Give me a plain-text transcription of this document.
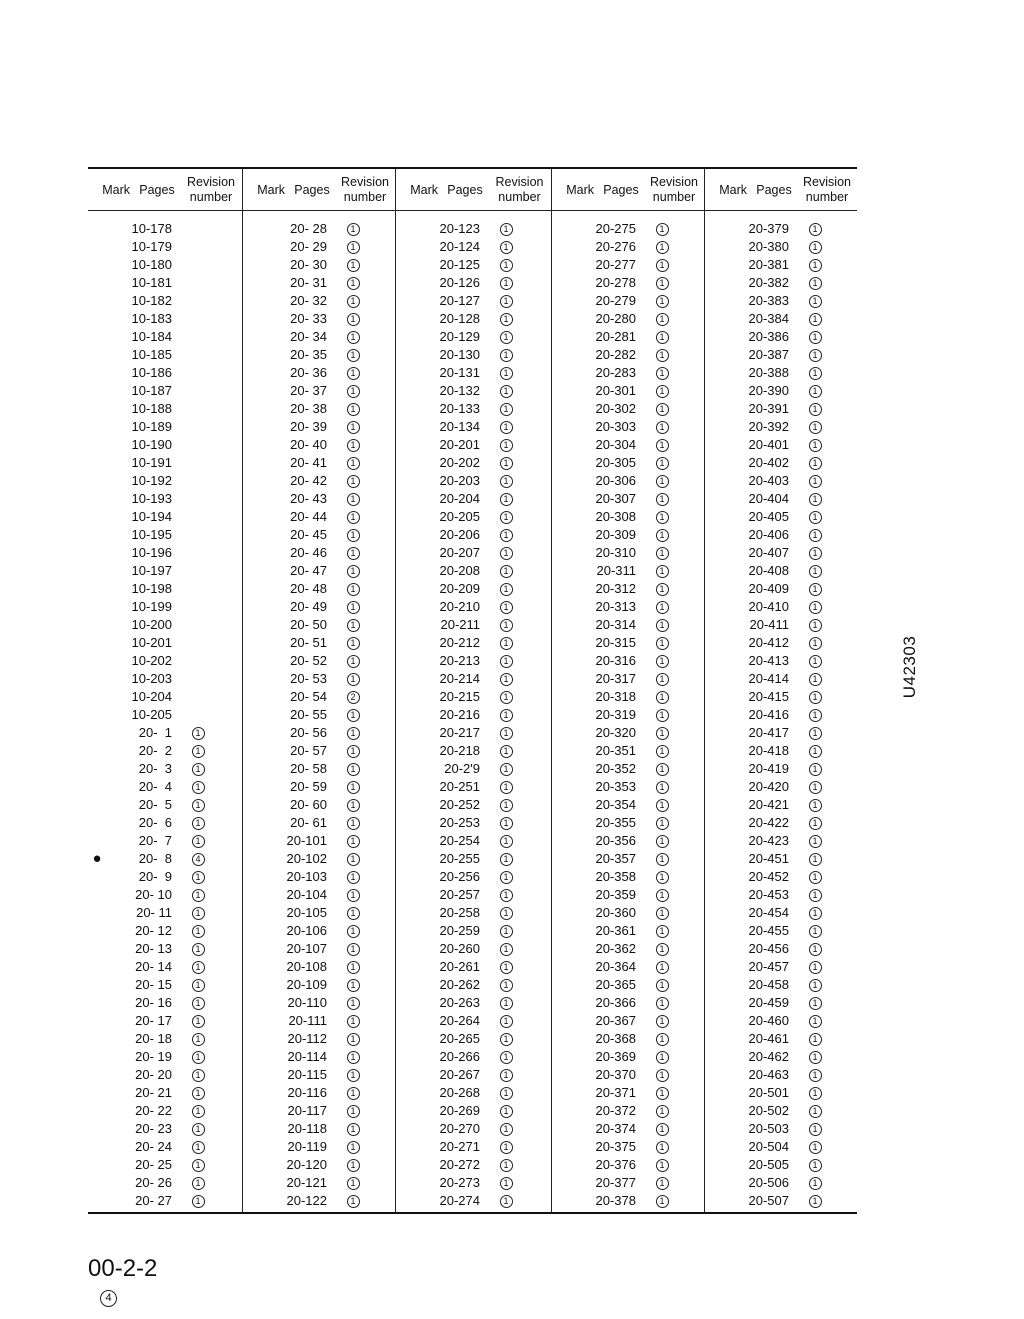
Mark Pages
Revision
number
10-178
10-179
10-180
10-181
10-182
10-183
10-184
10-185
10-186
10-187
10-188
10-189
10-190
10-191
10-192
10-193
10-194
10-195
10-196
10-197
10-198
10-199
10-200
10-201
10-202
10-203
10-204
10-205
20-  1	1
20-  2	1
20-  3	1
20-  4	1
20-  5	1
20-  6	1
20-  7	1
●	20-  8	4
20-  9	1
20- 10	1
20- 11	1
20- 12	1
20- 13	1
20- 14	1
20- 15	1
20- 16	1
20- 17	1
20- 18	1
20- 19	1
20- 20	1
20- 21	1
20- 22	1
20- 23	1
20- 24	1
20- 25	1
20- 26	1
20- 27	1
Mark Pages
Revision
number
20- 28	1
20- 29	1
20- 30	1
20- 31	1
20- 32	1
20- 33	1
20- 34	1
20- 35	1
20- 36	1
20- 37	1
20- 38	1
20- 39	1
20- 40	1
20- 41	1
20- 42	1
20- 43	1
20- 44	1
20- 45	1
20- 46	1
20- 47	1
20- 48	1
20- 49	1
20- 50	1
20- 51	1
20- 52	1
20- 53	1
20- 54	2
20- 55	1
20- 56	1
20- 57	1
20- 58	1
20- 59	1
20- 60	1
20- 61	1
20-101	1
20-102	1
20-103	1
20-104	1
20-105	1
20-106	1
20-107	1
20-108	1
20-109	1
20-110	1
20-111	1
20-112	1
20-114	1
20-115	1
20-116	1
20-117	1
20-118	1
20-119	1
20-120	1
20-121	1
20-122	1
Mark Pages
Revision
number
20-123	1
20-124	1
20-125	1
20-126	1
20-127	1
20-128	1
20-129	1
20-130	1
20-131	1
20-132	1
20-133	1
20-134	1
20-201	1
20-202	1
20-203	1
20-204	1
20-205	1
20-206	1
20-207	1
20-208	1
20-209	1
20-210	1
20-211	1
20-212	1
20-213	1
20-214	1
20-215	1
20-216	1
20-217	1
20-218	1
20-2'9	1
20-251	1
20-252	1
20-253	1
20-254	1
20-255	1
20-256	1
20-257	1
20-258	1
20-259	1
20-260	1
20-261	1
20-262	1
20-263	1
20-264	1
20-265	1
20-266	1
20-267	1
20-268	1
20-269	1
20-270	1
20-271	1
20-272	1
20-273	1
20-274	1
Mark Pages
Revision
number
20-275	1
20-276	1
20-277	1
20-278	1
20-279	1
20-280	1
20-281	1
20-282	1
20-283	1
20-301	1
20-302	1
20-303	1
20-304	1
20-305	1
20-306	1
20-307	1
20-308	1
20-309	1
20-310	1
20-311	1
20-312	1
20-313	1
20-314	1
20-315	1
20-316	1
20-317	1
20-318	1
20-319	1
20-320	1
20-351	1
20-352	1
20-353	1
20-354	1
20-355	1
20-356	1
20-357	1
20-358	1
20-359	1
20-360	1
20-361	1
20-362	1
20-364	1
20-365	1
20-366	1
20-367	1
20-368	1
20-369	1
20-370	1
20-371	1
20-372	1
20-374	1
20-375	1
20-376	1
20-377	1
20-378	1
Mark Pages
Revision
number
20-379	1
20-380	1
20-381	1
20-382	1
20-383	1
20-384	1
20-386	1
20-387	1
20-388	1
20-390	1
20-391	1
20-392	1
20-401	1
20-402	1
20-403	1
20-404	1
20-405	1
20-406	1
20-407	1
20-408	1
20-409	1
20-410	1
20-411	1
20-412	1
20-413	1
20-414	1
20-415	1
20-416	1
20-417	1
20-418	1
20-419	1
20-420	1
20-421	1
20-422	1
20-423	1
20-451	1
20-452	1
20-453	1
20-454	1
20-455	1
20-456	1
20-457	1
20-458	1
20-459	1
20-460	1
20-461	1
20-462	1
20-463	1
20-501	1
20-502	1
20-503	1
20-504	1
20-505	1
20-506	1
20-507	1
U42303
00-2-2
4
